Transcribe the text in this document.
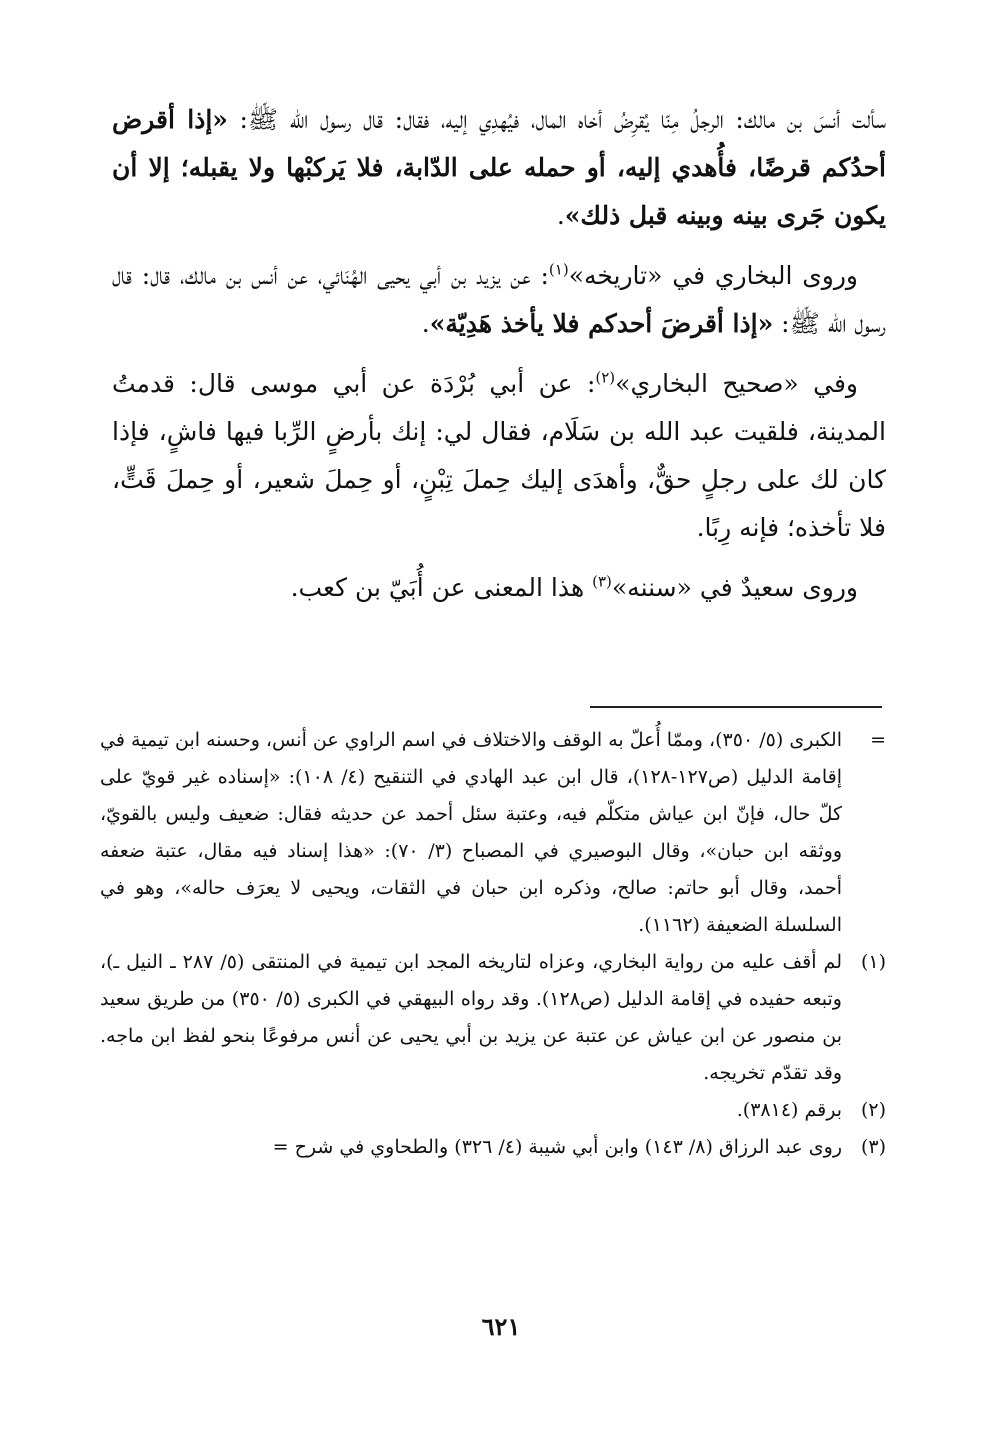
سألت أنسَ بن مالك: الرجلُ مِنّا يُقرِضُ أخاه المال، فيُهدِي إليه، فقال: قال رسول الله ﷺ: «إذا أقرض أحدُكم قرضًا، فأُهدي إليه، أو حمله على الدّابة، فلا يَركبْها ولا يقبله؛ إلا أن يكون جَرى بينه وبينه قبل ذلك».

وروى البخاري في «تاريخه»$^{(١)}$: عن يزيد بن أبي يحيى الهُنَائي، عن أنس بن مالك، قال: قال رسول الله ﷺ: «إذا أقرضَ أحدكم فلا يأخذ هَدِيّة».

وفي «صحيح البخاري»$^{(٢)}$: عن أبي بُرْدَة عن أبي موسى قال: قدمتُ المدينة، فلقيت عبد الله بن سَلَام، فقال لي: إنك بأرضٍ الرِّبا فيها فاشٍ، فإذا كان لك على رجلٍ حقٌّ، وأهدَى إليك حِملَ تِبْنٍ، أو حِملَ شعير، أو حِملَ قَتٍّ، فلا تأخذه؛ فإنه رِبًا.

وروى سعيدٌ في «سننه»$^{(٣)}$ هذا المعنى عن أُبَيّ بن كعب.

=
الكبرى (٥/ ٣٥٠)، وممّا أُعلّ به الوقف والاختلاف في اسم الراوي عن أنس، وحسنه ابن تيمية في إقامة الدليل (ص١٢٧-١٢٨)، قال ابن عبد الهادي في التنقيح (٤/ ١٠٨): «إسناده غير قويّ على كلّ حال، فإنّ ابن عياش متكلّم فيه، وعتبة سئل أحمد عن حديثه فقال: ضعيف وليس بالقويّ، ووثقه ابن حبان»، وقال البوصيري في المصباح (٣/ ٧٠): «هذا إسناد فيه مقال، عتبة ضعفه أحمد، وقال أبو حاتم: صالح، وذكره ابن حبان في الثقات، ويحيى لا يعرَف حاله»، وهو في السلسلة الضعيفة (١١٦٢).
(١)
لم أقف عليه من رواية البخاري، وعزاه لتاريخه المجد ابن تيمية في المنتقى (٥/ ٢٨٧ ـ النيل ـ)، وتبعه حفيده في إقامة الدليل (ص١٢٨). وقد رواه البيهقي في الكبرى (٥/ ٣٥٠) من طريق سعيد بن منصور عن ابن عياش عن عتبة عن يزيد بن أبي يحيى عن أنس مرفوعًا بنحو لفظ ابن ماجه. وقد تقدّم تخريجه.
(٢)
برقم (٣٨١٤).
(٣)
روى عبد الرزاق (٨/ ١٤٣) وابن أبي شيبة (٤/ ٣٢٦) والطحاوي في شرح =
٦٢١
